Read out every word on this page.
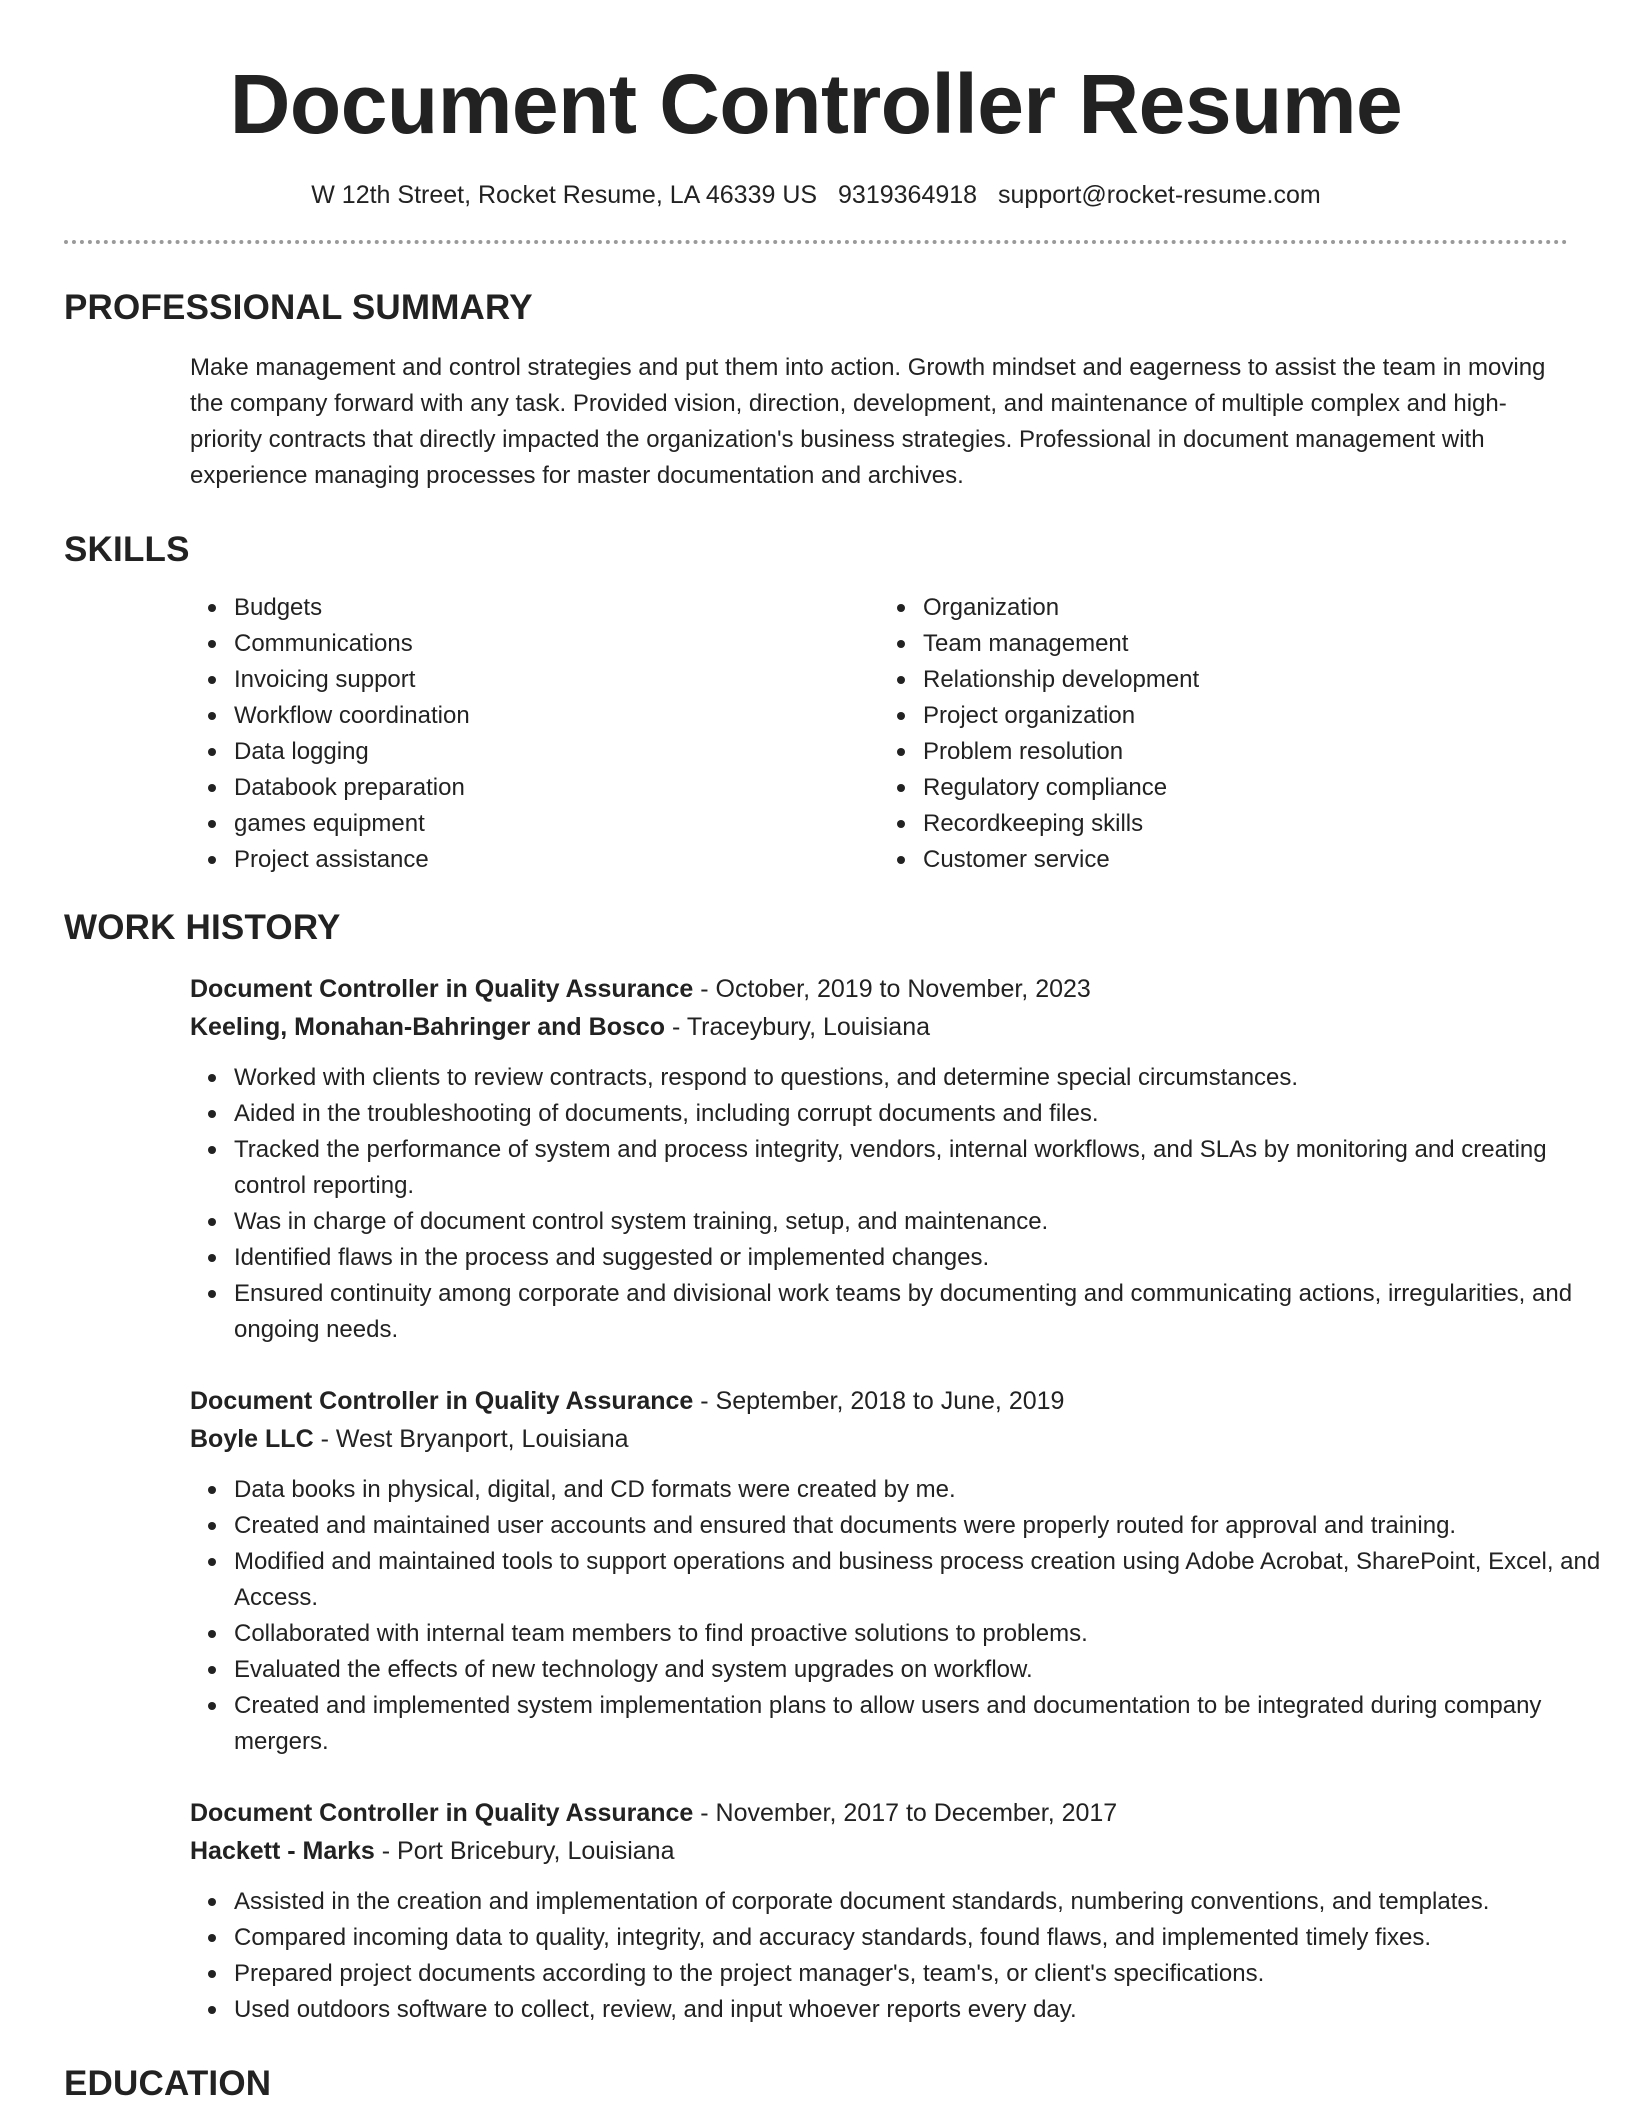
Document Controller Resume
W 12th Street, Rocket Resume, LA 46339 US 9319364918 support@rocket-resume.com
PROFESSIONAL SUMMARY
Make management and control strategies and put them into action. Growth mindset and eagerness to assist the team in moving the company forward with any task. Provided vision, direction, development, and maintenance of multiple complex and high-priority contracts that directly impacted the organization's business strategies. Professional in document management with experience managing processes for master documentation and archives.
SKILLS
Budgets
Communications
Invoicing support
Workflow coordination
Data logging
Databook preparation
games equipment
Project assistance
Organization
Team management
Relationship development
Project organization
Problem resolution
Regulatory compliance
Recordkeeping skills
Customer service
WORK HISTORY
Document Controller in Quality Assurance - October, 2019 to November, 2023
Keeling, Monahan-Bahringer and Bosco - Traceybury, Louisiana
Worked with clients to review contracts, respond to questions, and determine special circumstances.
Aided in the troubleshooting of documents, including corrupt documents and files.
Tracked the performance of system and process integrity, vendors, internal workflows, and SLAs by monitoring and creating control reporting.
Was in charge of document control system training, setup, and maintenance.
Identified flaws in the process and suggested or implemented changes.
Ensured continuity among corporate and divisional work teams by documenting and communicating actions, irregularities, and ongoing needs.
Document Controller in Quality Assurance - September, 2018 to June, 2019
Boyle LLC - West Bryanport, Louisiana
Data books in physical, digital, and CD formats were created by me.
Created and maintained user accounts and ensured that documents were properly routed for approval and training.
Modified and maintained tools to support operations and business process creation using Adobe Acrobat, SharePoint, Excel, and Access.
Collaborated with internal team members to find proactive solutions to problems.
Evaluated the effects of new technology and system upgrades on workflow.
Created and implemented system implementation plans to allow users and documentation to be integrated during company mergers.
Document Controller in Quality Assurance - November, 2017 to December, 2017
Hackett - Marks - Port Bricebury, Louisiana
Assisted in the creation and implementation of corporate document standards, numbering conventions, and templates.
Compared incoming data to quality, integrity, and accuracy standards, found flaws, and implemented timely fixes.
Prepared project documents according to the project manager's, team's, or client's specifications.
Used outdoors software to collect, review, and input whoever reports every day.
EDUCATION
